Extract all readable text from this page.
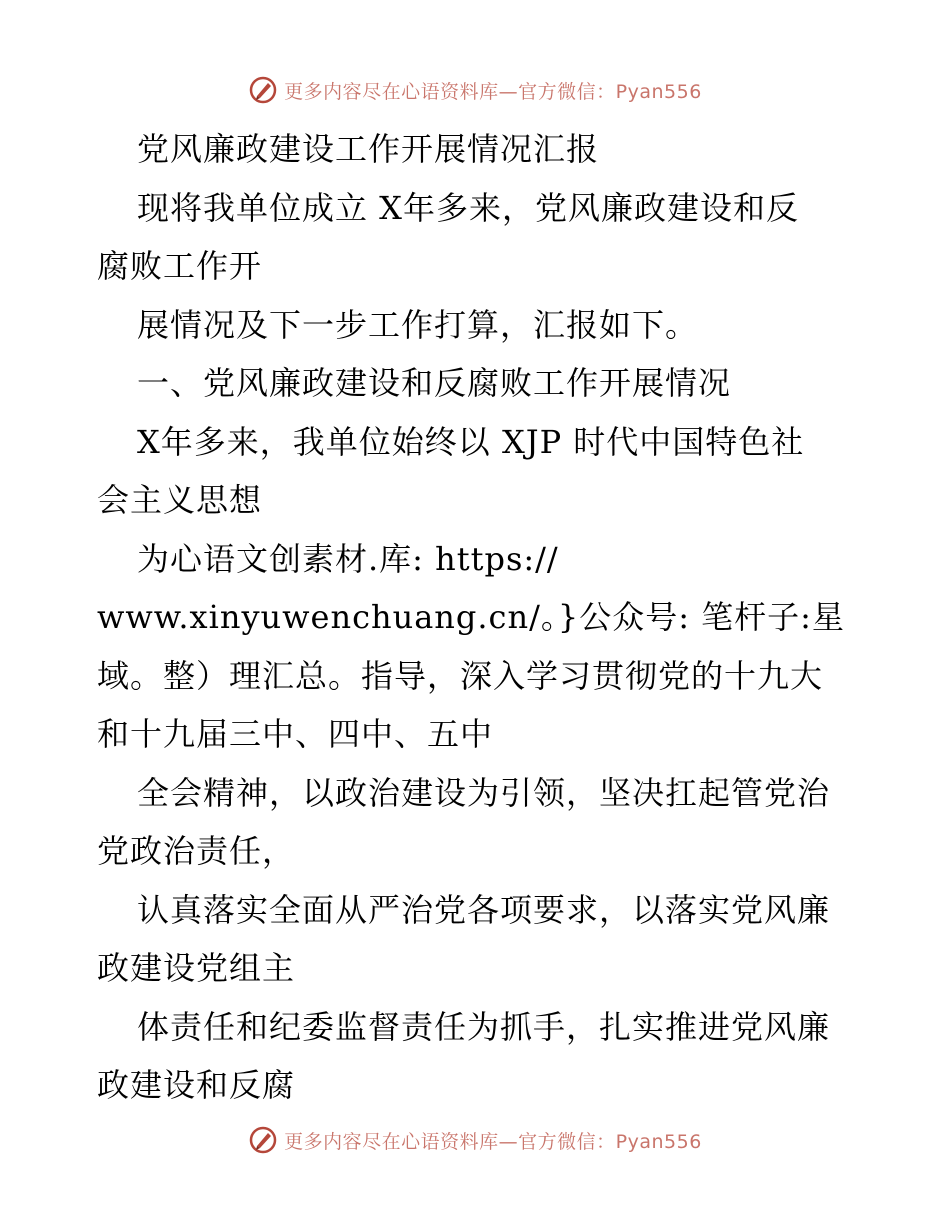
更多内容尽在心语资料库—官方微信：Pyan556
党风廉政建设工作开展情况汇报
现将我单位成立 X年多来，党风廉政建设和反
腐败工作开
展情况及下一步工作打算，汇报如下。
一、党风廉政建设和反腐败工作开展情况
X年多来，我单位始终以 XJP 时代中国特色社
会主义思想
为心语文创素材.库: https://
www.xinyuwenchuang.cn/。}公众号: 笔杆子:星
域。整）理汇总。指导，深入学习贯彻党的十九大
和十九届三中、四中、五中
全会精神，以政治建设为引领，坚决扛起管党治
党政治责任，
认真落实全面从严治党各项要求，以落实党风廉
政建设党组主
体责任和纪委监督责任为抓手，扎实推进党风廉
政建设和反腐
更多内容尽在心语资料库—官方微信：Pyan556
